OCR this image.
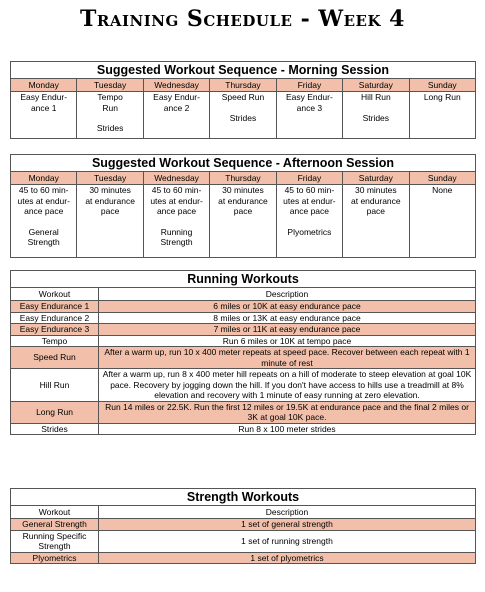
Training Schedule - Week 4
Suggested Workout Sequence - Morning Session						
Monday	Tuesday	Wednesday	Thursday	Friday	Saturday	Sunday

Easy Endur-
ance 1	Tempo
Run
Strides	Easy Endur-
ance 2	Speed Run
Strides	Easy Endur-
ance 3	Hill Run
Strides	Long Run
Suggested Workout Sequence - Afternoon Session						
Monday	Tuesday	Wednesday	Thursday	Friday	Saturday	Sunday

45 to 60 min-
utes at endur-
ance pace
General
Strength	30 minutes
at endurance
pace	45 to 60 min-
utes at endur-
ance pace
Running
Strength	30 minutes
at endurance
pace	45 to 60 min-
utes at endur-
ance pace
Plyometrics	30 minutes
at endurance
pace	None
Running Workouts	
Workout	Description
Easy Endurance 1	6 miles or 10K at easy endurance pace
Easy Endurance 2	8 miles or 13K at easy endurance pace
Easy Endurance 3	7 miles or 11K at easy endurance pace
Tempo	Run 6 miles or 10K at tempo pace
Speed Run	After a warm up, run 10 x 400 meter repeats at speed pace. Recover between each repeat with 1 minute of rest
Hill Run	After a warm up, run 8 x 400 meter hill repeats on a hill of moderate to steep elevation at goal 10K pace. Recovery by jogging down the hill. If you don't have access to hills use a treadmill at 8% elevation and recovery with 1 minute of easy running at zero elevation.
Long Run	Run 14 miles or 22.5K. Run the first 12 miles or 19.5K at endurance pace and the final 2 miles or 3K at goal 10K pace.
Strides	Run 8 x 100 meter strides
Strength Workouts	
Workout	Description
General Strength	1 set of general strength
Running Specific Strength	1 set of running strength
Plyometrics	1 set of plyometrics
